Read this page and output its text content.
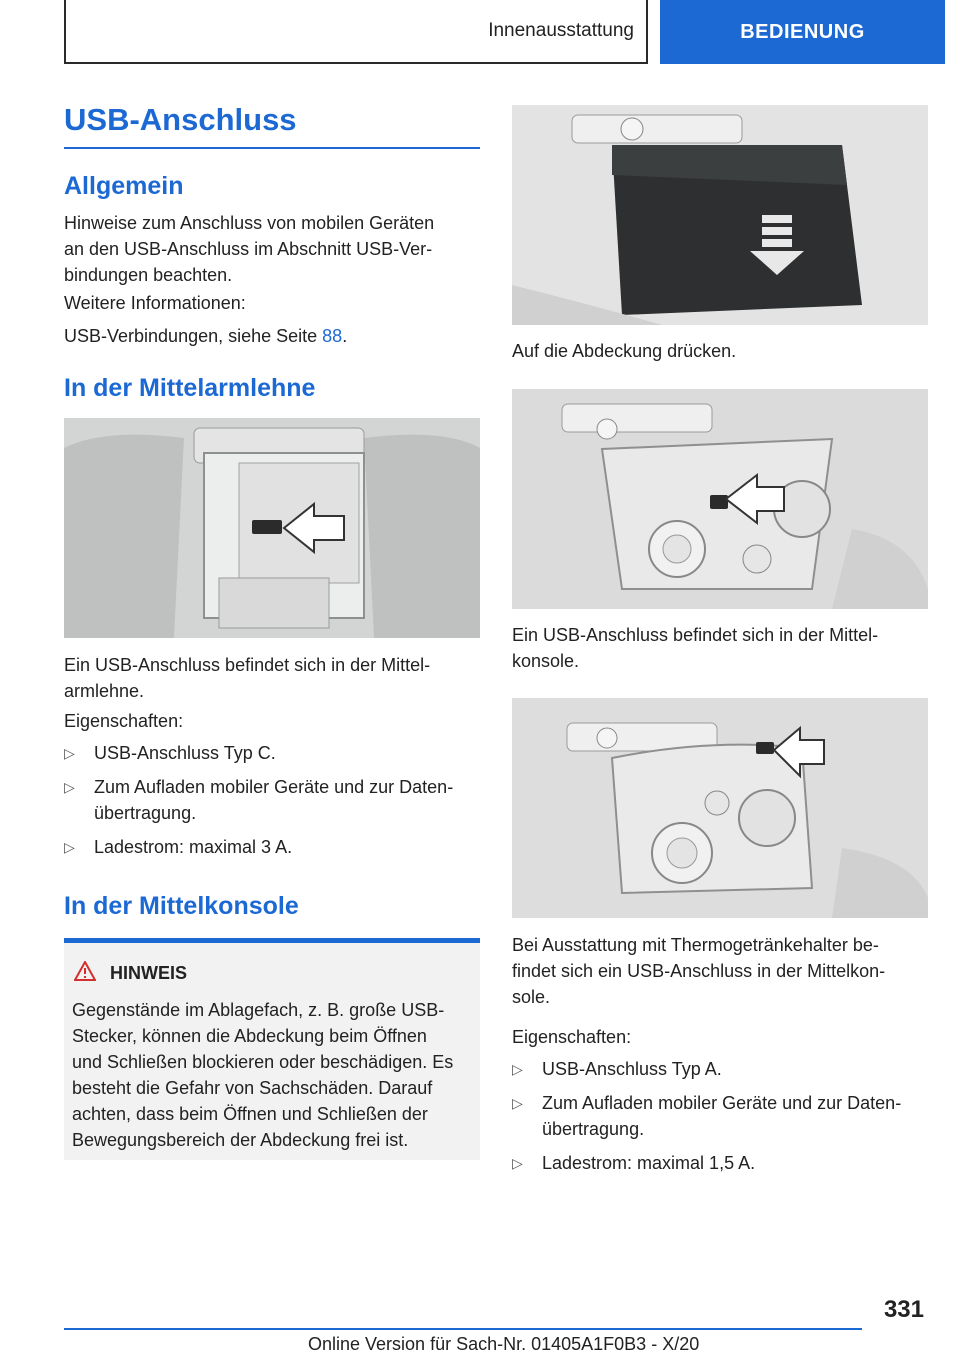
Innenausstattung	BEDIENUNG
USB-Anschluss
Allgemein

Hinweise zum Anschluss von mobilen Geräten
an den USB-Anschluss im Abschnitt USB-Ver-
bindungen beachten.

Weitere Informationen:

USB-Verbindungen, siehe Seite 88.

In der Mittelarmlehne

Ein USB-Anschluss befindet sich in der Mittel-
armlehne.

Eigenschaften:

▷ USB-Anschluss Typ C.
▷ Zum Aufladen mobiler Geräte und zur Daten-
übertragung.
▷ Ladestrom: maximal 3 A.
In der Mittelkonsole
HINWEIS
Gegenstände im Ablagefach, z. B. große USB-
Stecker, können die Abdeckung beim Öffnen
und Schließen blockieren oder beschädigen. Es
besteht die Gefahr von Sachschäden. Darauf
achten, dass beim Öffnen und Schließen der
Bewegungsbereich der Abdeckung frei ist.

Auf die Abdeckung drücken.

Ein USB-Anschluss befindet sich in der Mittel-
konsole.

Bei Ausstattung mit Thermogetränkehalter be-
findet sich ein USB-Anschluss in der Mittelkon-
sole.

Eigenschaften:

▷ USB-Anschluss Typ A.
▷ Zum Aufladen mobiler Geräte und zur Daten-
übertragung.
▷ Ladestrom: maximal 1,5 A.
331
Online Version für Sach-Nr. 01405A1F0B3 - X/20
